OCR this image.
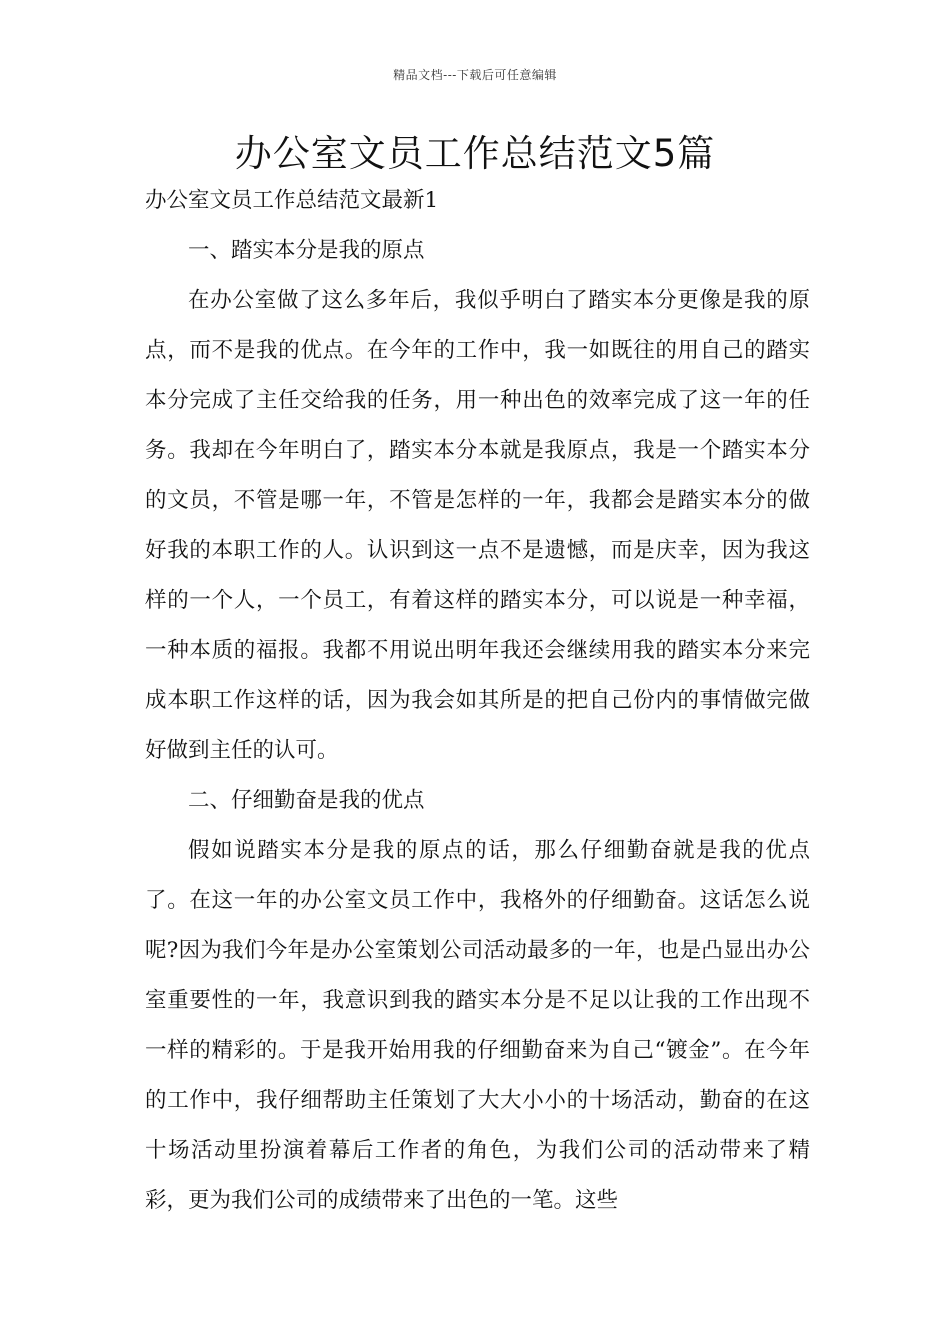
精品文档---下载后可任意编辑
办公室文员工作总结范文5篇

办公室文员工作总结范文最新1

一、踏实本分是我的原点

在办公室做了这么多年后，我似乎明白了踏实本分更像是我的原点，而不是我的优点。在今年的工作中，我一如既往的用自己的踏实本分完成了主任交给我的任务，用一种出色的效率完成了这一年的任务。我却在今年明白了，踏实本分本就是我原点，我是一个踏实本分的文员，不管是哪一年，不管是怎样的一年，我都会是踏实本分的做好我的本职工作的人。认识到这一点不是遗憾，而是庆幸，因为我这样的一个人，一个员工，有着这样的踏实本分，可以说是一种幸福，一种本质的福报。我都不用说出明年我还会继续用我的踏实本分来完成本职工作这样的话，因为我会如其所是的把自己份内的事情做完做好做到主任的认可。

二、仔细勤奋是我的优点

假如说踏实本分是我的原点的话，那么仔细勤奋就是我的优点了。在这一年的办公室文员工作中，我格外的仔细勤奋。这话怎么说呢?因为我们今年是办公室策划公司活动最多的一年，也是凸显出办公室重要性的一年，我意识到我的踏实本分是不足以让我的工作出现不一样的精彩的。于是我开始用我的仔细勤奋来为自己“镀金”。在今年的工作中，我仔细帮助主任策划了大大小小的十场活动，勤奋的在这十场活动里扮演着幕后工作者的角色，为我们公司的活动带来了精彩，更为我们公司的成绩带来了出色的一笔。这些
